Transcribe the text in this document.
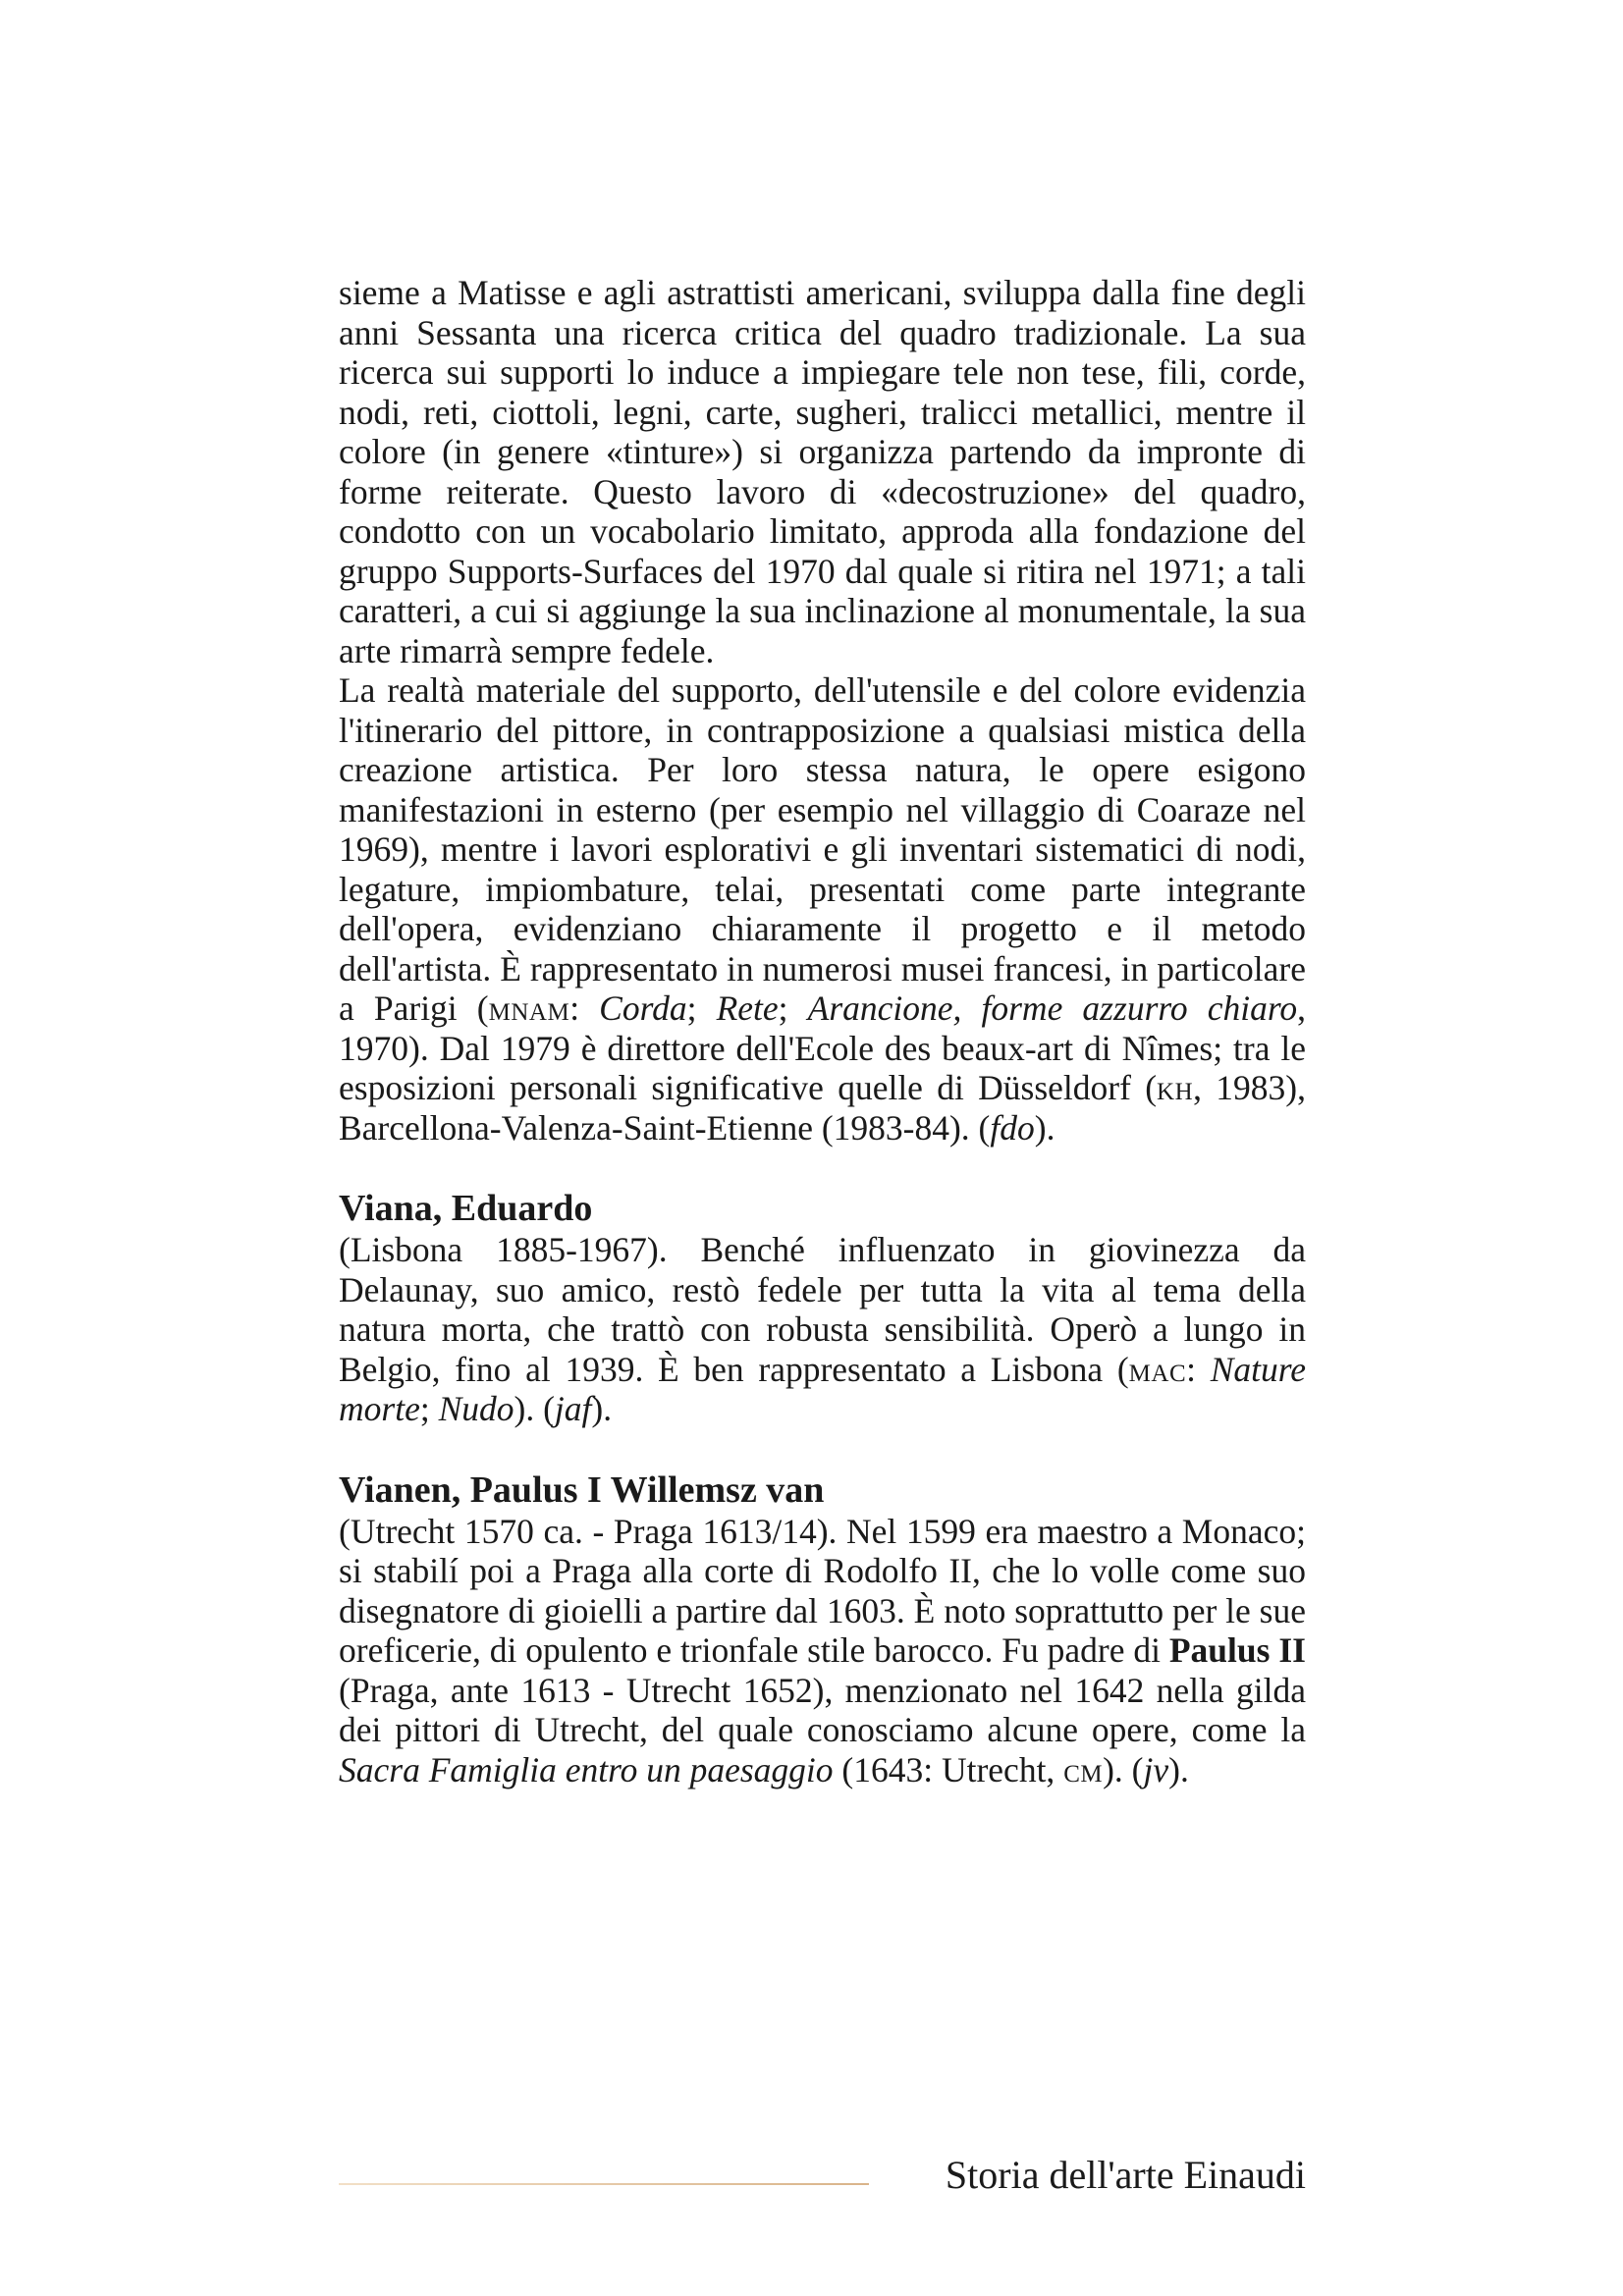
sieme a Matisse e agli astrattisti americani, sviluppa dalla fine degli anni Sessanta una ricerca critica del quadro tradizionale. La sua ricerca sui supporti lo induce a impiegare tele non tese, fili, corde, nodi, reti, ciottoli, legni, carte, sugheri, tralicci metallici, mentre il colore (in genere «tinture») si organizza partendo da impronte di forme reiterate. Questo lavoro di «decostruzione» del quadro, condotto con un vocabolario limitato, approda alla fondazione del gruppo Supports-Surfaces del 1970 dal quale si ritira nel 1971; a tali caratteri, a cui si aggiunge la sua inclinazione al monumentale, la sua arte rimarrà sempre fedele.

La realtà materiale del supporto, dell'utensile e del colore evidenzia l'itinerario del pittore, in contrapposizione a qualsiasi mistica della creazione artistica. Per loro stessa natura, le opere esigono manifestazioni in esterno (per esempio nel villaggio di Coaraze nel 1969), mentre i lavori esplorativi e gli inventari sistematici di nodi, legature, impiombature, telai, presentati come parte integrante dell'opera, evidenziano chiaramente il progetto e il metodo dell'artista. È rappresentato in numerosi musei francesi, in particolare a Parigi (mnam: Corda; Rete; Arancione, forme azzurro chiaro, 1970). Dal 1979 è direttore dell'Ecole des beaux-art di Nîmes; tra le esposizioni personali significative quelle di Düsseldorf (kh, 1983), Barcellona-Valenza-Saint-Etienne (1983-84). (fdo).

Viana, Eduardo

(Lisbona 1885-1967). Benché influenzato in giovinezza da Delaunay, suo amico, restò fedele per tutta la vita al tema della natura morta, che trattò con robusta sensibilità. Operò a lungo in Belgio, fino al 1939. È ben rappresentato a Lisbona (mac: Nature morte; Nudo). (jaf).

Vianen, Paulus I Willemsz van

(Utrecht 1570 ca. - Praga 1613/14). Nel 1599 era maestro a Monaco; si stabilí poi a Praga alla corte di Rodolfo II, che lo volle come suo disegnatore di gioielli a partire dal 1603. È noto soprattutto per le sue oreficerie, di opulento e trionfale stile barocco. Fu padre di Paulus II (Praga, ante 1613 - Utrecht 1652), menzionato nel 1642 nella gilda dei pittori di Utrecht, del quale conosciamo alcune opere, come la Sacra Famiglia entro un paesaggio (1643: Utrecht, cm). (jv).

Storia dell'arte Einaudi
